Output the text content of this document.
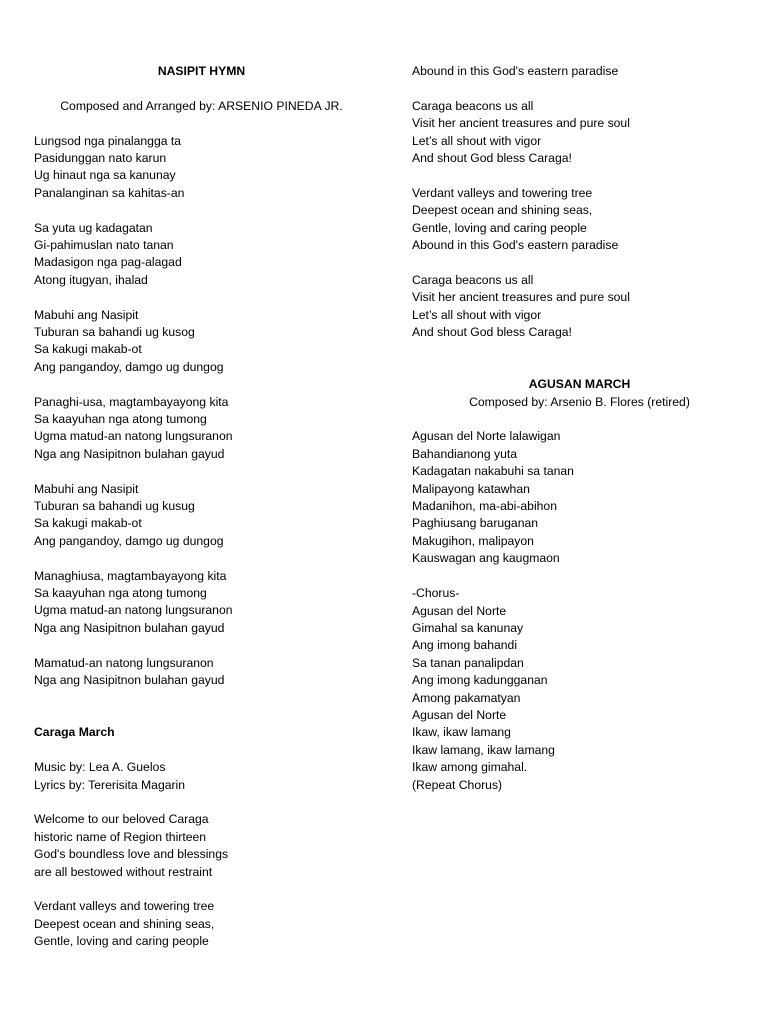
NASIPIT HYMN
Composed and Arranged by: ARSENIO PINEDA JR.
Lungsod nga pinalangga ta
Pasidunggan nato karun
Ug hinaut nga sa kanunay
Panalanginan sa kahitas-an
Sa yuta ug kadagatan
Gi-pahimuslan nato tanan
Madasigon nga pag-alagad
Atong itugyan, ihalad
Mabuhi ang Nasipit
Tuburan sa bahandi ug kusog
Sa kakugi makab-ot
Ang pangandoy, damgo ug dungog
Panaghi-usa, magtambayayong kita
Sa kaayuhan nga atong tumong
Ugma matud-an natong lungsuranon
Nga ang Nasipitnon bulahan gayud
Mabuhi ang Nasipit
Tuburan sa bahandi ug kusug
Sa kakugi makab-ot
Ang pangandoy, damgo ug dungog
Managhiusa, magtambayayong kita
Sa kaayuhan nga atong tumong
Ugma matud-an natong lungsuranon
Nga ang Nasipitnon bulahan gayud
Mamatud-an natong lungsuranon
Nga ang Nasipitnon bulahan gayud
Caraga March
Music by: Lea A. Guelos
Lyrics by: Tererisita Magarin
Welcome to our beloved Caraga
historic name of Region thirteen
God's boundless love and blessings
are all bestowed without restraint
Verdant valleys and towering tree
Deepest ocean and shining seas,
Gentle, loving and caring people
Abound in this God's eastern paradise
Caraga beacons us all
Visit her ancient treasures and pure soul
Let’s all shout with vigor
And shout God bless Caraga!
Verdant valleys and towering tree
Deepest ocean and shining seas,
Gentle, loving and caring people
Abound in this God's eastern paradise
Caraga beacons us all
Visit her ancient treasures and pure soul
Let’s all shout with vigor
And shout God bless Caraga!
AGUSAN MARCH
Composed by: Arsenio B. Flores (retired)
Agusan del Norte lalawigan
Bahandianong yuta
Kadagatan nakabuhi sa tanan
Malipayong katawhan
Madanihon, ma-abi-abihon
Paghiusang baruganan
Makugihon, malipayon
Kauswagan ang kaugmaon
-Chorus-
Agusan del Norte
Gimahal sa kanunay
Ang imong bahandi
Sa tanan panalipdan
Ang imong kadungganan
Among pakamatyan
Agusan del Norte
Ikaw, ikaw lamang
Ikaw lamang, ikaw lamang
Ikaw among gimahal.
(Repeat Chorus)
